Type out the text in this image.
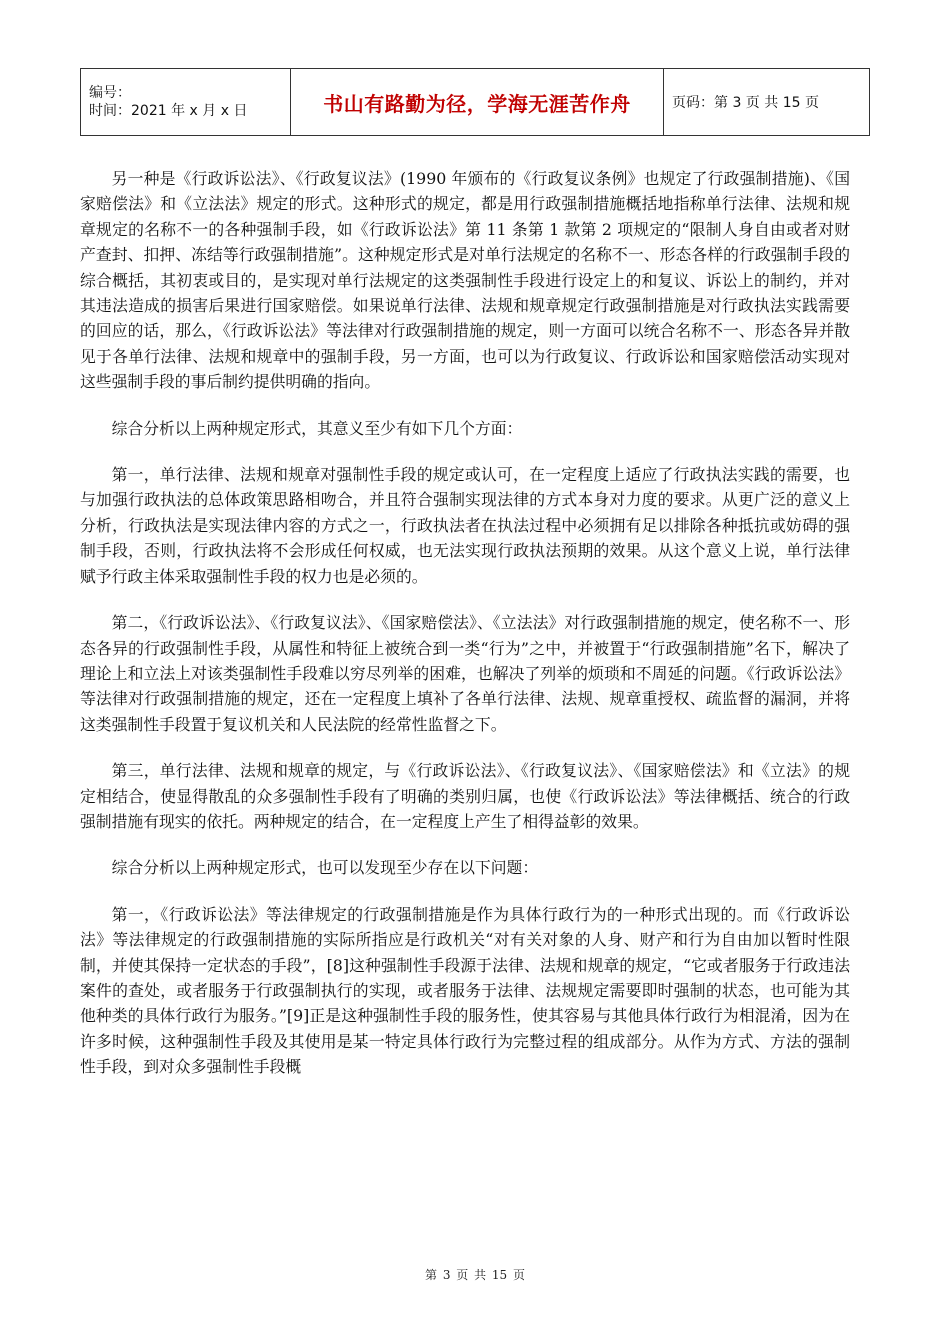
编号：
时间：2021 年 x 月 x 日	书山有路勤为径，学海无涯苦作舟	页码：第 3 页 共 15 页

另一种是《行政诉讼法》、《行政复议法》(1990 年颁布的《行政复议条例》也规定了行政强制措施)、《国家赔偿法》和《立法法》规定的形式。这种形式的规定，都是用行政强制措施概括地指称单行法律、法规和规章规定的名称不一的各种强制手段，如《行政诉讼法》第 11 条第 1 款第 2 项规定的“限制人身自由或者对财产查封、扣押、冻结等行政强制措施”。这种规定形式是对单行法规定的名称不一、形态各样的行政强制手段的综合概括，其初衷或目的，是实现对单行法规定的这类强制性手段进行设定上的和复议、诉讼上的制约，并对其违法造成的损害后果进行国家赔偿。如果说单行法律、法规和规章规定行政强制措施是对行政执法实践需要的回应的话，那么，《行政诉讼法》等法律对行政强制措施的规定，则一方面可以统合名称不一、形态各异并散见于各单行法律、法规和规章中的强制手段，另一方面，也可以为行政复议、行政诉讼和国家赔偿活动实现对这些强制手段的事后制约提供明确的指向。

综合分析以上两种规定形式，其意义至少有如下几个方面：

第一，单行法律、法规和规章对强制性手段的规定或认可，在一定程度上适应了行政执法实践的需要，也与加强行政执法的总体政策思路相吻合，并且符合强制实现法律的方式本身对力度的要求。从更广泛的意义上分析，行政执法是实现法律内容的方式之一，行政执法者在执法过程中必须拥有足以排除各种抵抗或妨碍的强制手段，否则，行政执法将不会形成任何权威，也无法实现行政执法预期的效果。从这个意义上说，单行法律赋予行政主体采取强制性手段的权力也是必须的。

第二，《行政诉讼法》、《行政复议法》、《国家赔偿法》、《立法法》对行政强制措施的规定，使名称不一、形态各异的行政强制性手段，从属性和特征上被统合到一类“行为”之中，并被置于“行政强制措施”名下，解决了理论上和立法上对该类强制性手段难以穷尽列举的困难，也解决了列举的烦琐和不周延的问题。《行政诉讼法》等法律对行政强制措施的规定，还在一定程度上填补了各单行法律、法规、规章重授权、疏监督的漏洞，并将这类强制性手段置于复议机关和人民法院的经常性监督之下。

第三，单行法律、法规和规章的规定，与《行政诉讼法》、《行政复议法》、《国家赔偿法》和《立法》的规定相结合，使显得散乱的众多强制性手段有了明确的类别归属，也使《行政诉讼法》等法律概括、统合的行政强制措施有现实的依托。两种规定的结合，在一定程度上产生了相得益彰的效果。

综合分析以上两种规定形式，也可以发现至少存在以下问题：

第一，《行政诉讼法》等法律规定的行政强制措施是作为具体行政行为的一种形式出现的。而《行政诉讼法》等法律规定的行政强制措施的实际所指应是行政机关“对有关对象的人身、财产和行为自由加以暂时性限制，并使其保持一定状态的手段”，[8]这种强制性手段源于法律、法规和规章的规定，“它或者服务于行政违法案件的查处，或者服务于行政强制执行的实现，或者服务于法律、法规规定需要即时强制的状态，也可能为其他种类的具体行政行为服务。”[9]正是这种强制性手段的服务性，使其容易与其他具体行政行为相混淆，因为在许多时候，这种强制性手段及其使用是某一特定具体行政行为完整过程的组成部分。从作为方式、方法的强制性手段，到对众多强制性手段概

第 3 页 共 15 页
